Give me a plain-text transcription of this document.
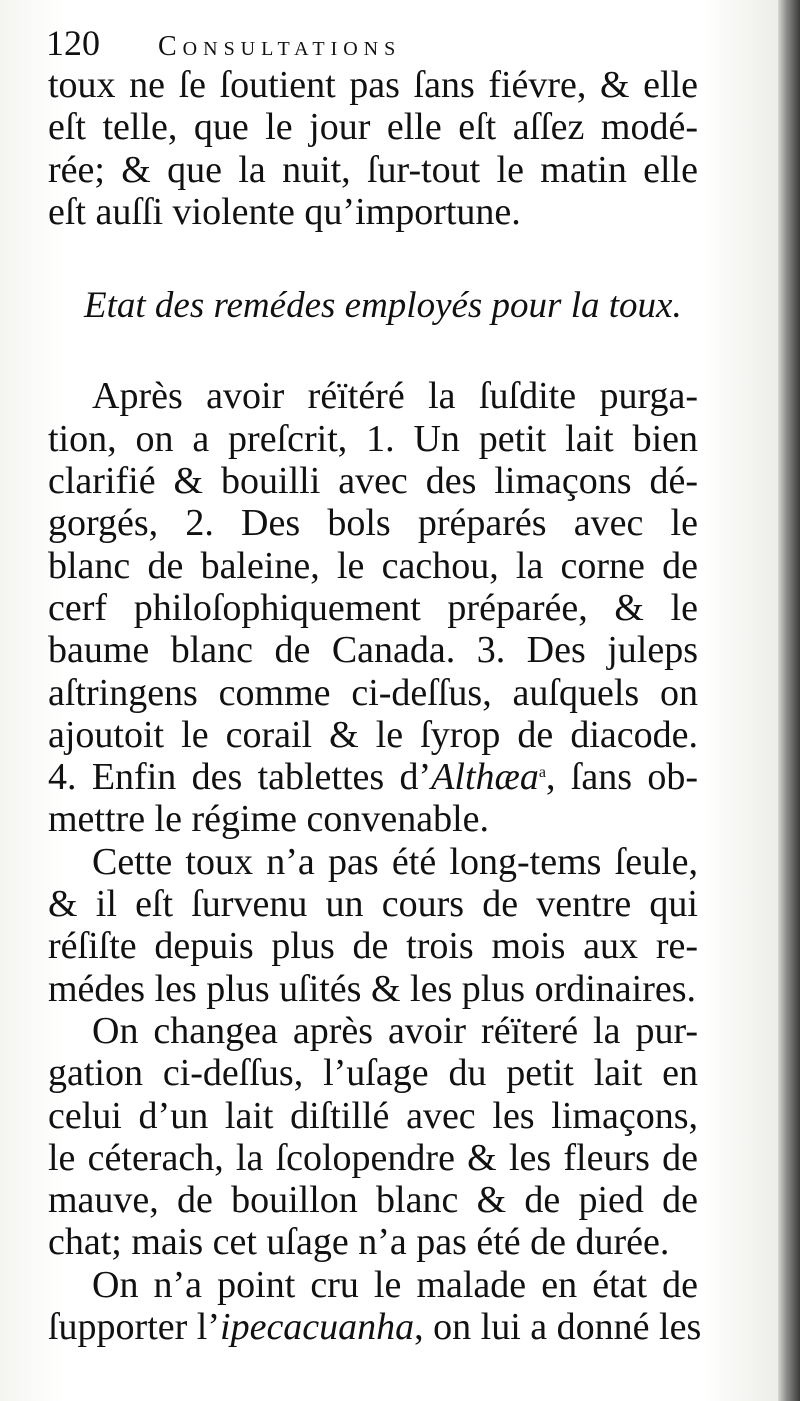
120 Consultations
toux ne ſe ſoutient pas ſans fiévre, & elle
eſt telle, que le jour elle eſt aſſez modé-
rée; & que la nuit, ſur-tout le matin elle
eſt auſſi violente qu’importune.
Etat des remédes employés pour la toux.
Après avoir réïtéré la ſuſdite purga-
tion, on a preſcrit, 1. Un petit lait bien
clarifié & bouilli avec des limaçons dé-
gorgés, 2. Des bols préparés avec le
blanc de baleine, le cachou, la corne de
cerf philoſophiquement préparée, & le
baume blanc de Canada. 3. Des juleps
aſtringens comme ci-deſſus, auſquels on
ajoutoit le corail & le ſyrop de diacode.
4. Enfin des tablettes d’Althæa$^a$, ſans ob-
mettre le régime convenable.
Cette toux n’a pas été long-tems ſeule,
& il eſt ſurvenu un cours de ventre qui
réſiſte depuis plus de trois mois aux re-
médes les plus uſités & les plus ordinaires.
On changea après avoir réïteré la pur-
gation ci-deſſus, l’uſage du petit lait en
celui d’un lait diſtillé avec les limaçons,
le céterach, la ſcolopendre & les fleurs de
mauve, de bouillon blanc & de pied de
chat; mais cet uſage n’a pas été de durée.
On n’a point cru le malade en état de
ſupporter l’ipecacuanha, on lui a donné les
